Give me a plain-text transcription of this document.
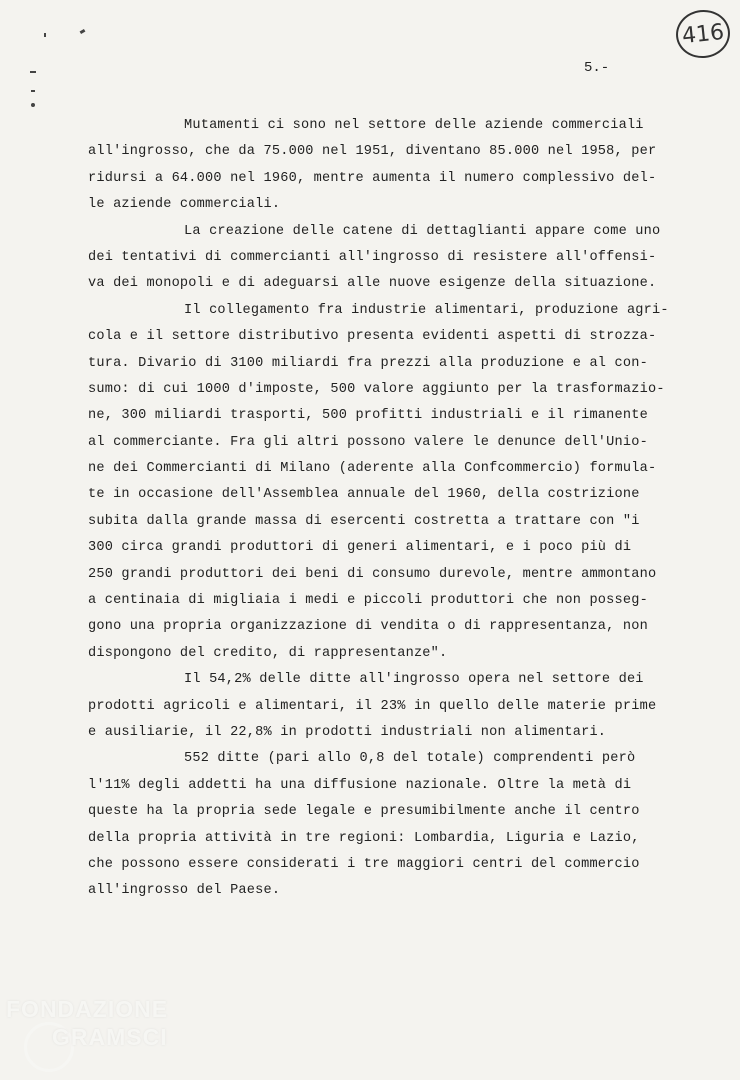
416
5.-
Mutamenti ci sono nel settore delle aziende commerciali
all'ingrosso, che da 75.000 nel 1951, diventano 85.000 nel 1958, per
ridursi a 64.000 nel 1960, mentre aumenta il numero complessivo del-
le aziende commerciali.
La creazione delle catene di dettaglianti appare come uno
dei tentativi di commercianti all'ingrosso di resistere all'offensi-
va dei monopoli e di adeguarsi alle nuove esigenze della situazione.
Il collegamento fra industrie alimentari, produzione agri-
cola e il settore distributivo presenta evidenti aspetti di strozza-
tura. Divario di 3100 miliardi fra prezzi alla produzione e al con-
sumo: di cui 1000 d'imposte, 500 valore aggiunto per la trasformazio-
ne, 300 miliardi trasporti, 500 profitti industriali e il rimanente
al commerciante. Fra gli altri possono valere le denunce dell'Unio-
ne dei Commercianti di Milano (aderente alla Confcommercio) formula-
te in occasione dell'Assemblea annuale del 1960, della costrizione
subita dalla grande massa di esercenti costretta a trattare con "i
300 circa grandi produttori di generi alimentari, e i poco più di
250 grandi produttori dei beni di consumo durevole, mentre ammontano
a centinaia di migliaia i medi e piccoli produttori che non posseg-
gono una propria organizzazione di vendita o di rappresentanza, non
dispongono del credito, di rappresentanze".
Il 54,2% delle ditte all'ingrosso opera nel settore dei
prodotti agricoli e alimentari, il 23% in quello delle materie prime
e ausiliarie, il 22,8% in prodotti industriali non alimentari.
552 ditte (pari allo 0,8 del totale) comprendenti però
l'11% degli addetti ha una diffusione nazionale. Oltre la metà di
queste ha la propria sede legale e presumibilmente anche il centro
della propria attività in tre regioni: Lombardia, Liguria e Lazio,
che possono essere considerati i tre maggiori centri del commercio
all'ingrosso del Paese.
FONDAZIONE
GRAMSCI
